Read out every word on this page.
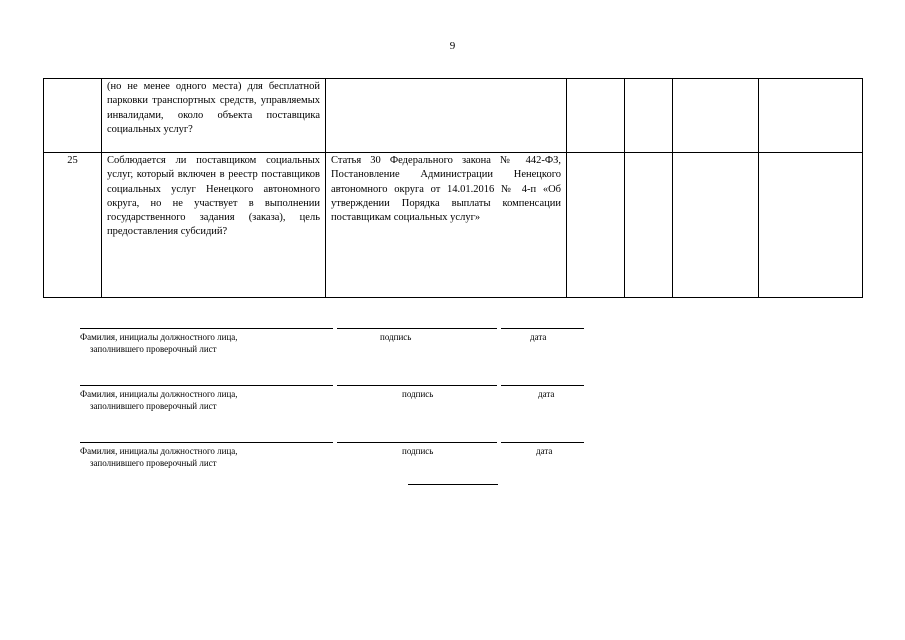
9
	(но не менее одного места) для бесплатной парковки транспортных средств, управляемых инвалидами, около объекта поставщика социальных услуг?					
25	Соблюдается ли поставщиком социальных услуг, который включен в реестр поставщиков социальных услуг Ненецкого автономного округа, но не участвует в выполнении государственного задания (заказа), цель предоставления субсидий?	Статья 30 Федерального закона № 442-ФЗ, Постановление Администрации Ненецкого автономного округа от 14.01.2016 № 4-п «Об утверждении Порядка выплаты компенсации поставщикам социальных услуг»				
Фамилия, инициалы должностного лица,
заполнившего проверочный лист
подпись	дата
Фамилия, инициалы должностного лица,
заполнившего проверочный лист
подпись	дата
Фамилия, инициалы должностного лица,
заполнившего проверочный лист
подпись	дата
